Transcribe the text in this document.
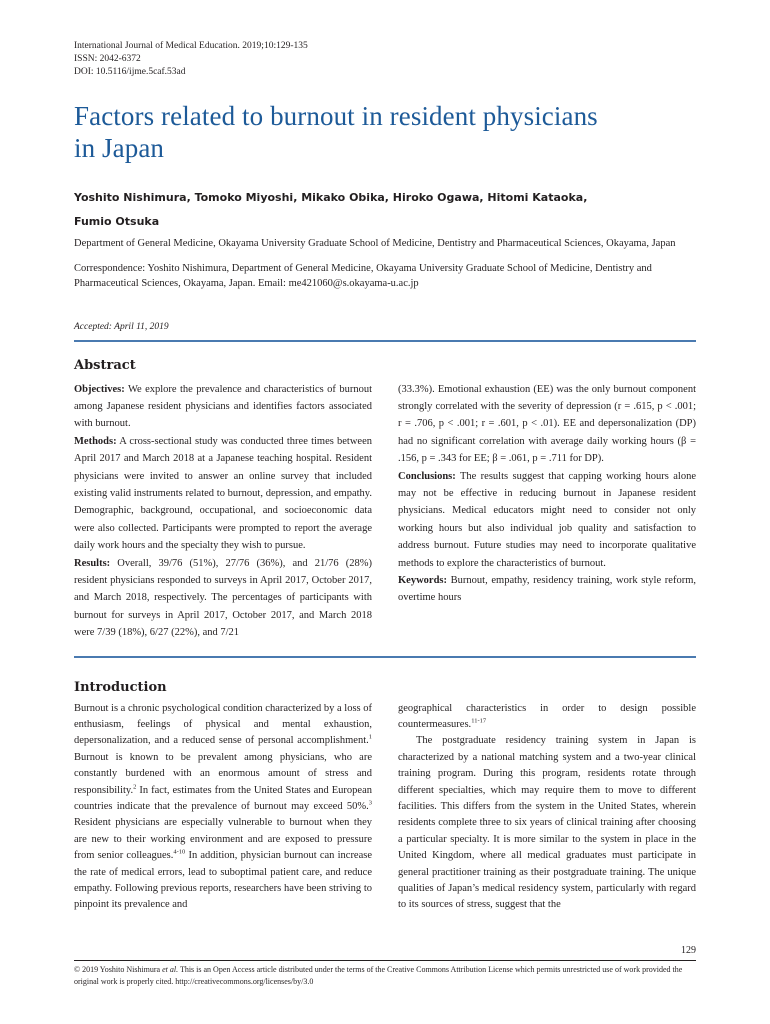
International Journal of Medical Education. 2019;10:129-135

ISSN: 2042-6372

DOI: 10.5116/ijme.5caf.53ad

Factors related to burnout in resident physicians
in Japan

Yoshito Nishimura, Tomoko Miyoshi, Mikako Obika, Hiroko Ogawa, Hitomi Kataoka,
Fumio Otsuka

Department of General Medicine, Okayama University Graduate School of Medicine, Dentistry and Pharmaceutical Sciences, Okayama, Japan

Correspondence: Yoshito Nishimura, Department of General Medicine, Okayama University Graduate School of Medicine, Dentistry and Pharmaceutical Sciences, Okayama, Japan. Email: me421060@s.okayama-u.ac.jp

Accepted: April 11, 2019

Abstract

Objectives: We explore the prevalence and characteristics of burnout among Japanese resident physicians and identifies factors associated with burnout.

Methods: A cross-sectional study was conducted three times between April 2017 and March 2018 at a Japanese teaching hospital. Resident physicians were invited to answer an online survey that included existing valid instruments related to burnout, depression, and empathy. Demographic, background, occupational, and socioeconomic data were also collected. Participants were prompted to report the average daily work hours and the specialty they wish to pursue.

Results: Overall, 39/76 (51%), 27/76 (36%), and 21/76 (28%) resident physicians responded to surveys in April 2017, October 2017, and March 2018, respectively. The percentages of participants with burnout for surveys in April 2017, October 2017, and March 2018 were 7/39 (18%), 6/27 (22%), and 7/21

(33.3%). Emotional exhaustion (EE) was the only burnout component strongly correlated with the severity of depression (r = .615, p < .001; r = .706, p < .001; r = .601, p < .01). EE and depersonalization (DP) had no significant correlation with average daily working hours (β = .156, p = .343 for EE; β = .061, p = .711 for DP).

Conclusions: The results suggest that capping working hours alone may not be effective in reducing burnout in Japanese resident physicians. Medical educators might need to consider not only working hours but also individual job quality and satisfaction to address burnout. Future studies may need to incorporate qualitative methods to explore the characteristics of burnout.

Keywords: Burnout, empathy, residency training, work style reform, overtime hours

Introduction

Burnout is a chronic psychological condition characterized by a loss of enthusiasm, feelings of physical and mental exhaustion, depersonalization, and a reduced sense of personal accomplishment.$^1$ Burnout is known to be prevalent among physicians, who are constantly burdened with an enormous amount of stress and responsibility.$^2$ In fact, estimates from the United States and European countries indicate that the prevalence of burnout may exceed 50%.$^3$ Resident physicians are especially vulnerable to burnout when they are new to their working environment and are exposed to pressure from senior colleagues.$^{4-10}$ In addition, physician burnout can increase the rate of medical errors, lead to suboptimal patient care, and reduce empathy. Following previous reports, researchers have been striving to pinpoint its prevalence and

geographical characteristics in order to design possible countermeasures.$^{11-17}$

The postgraduate residency training system in Japan is characterized by a national matching system and a two-year clinical training program. During this program, residents rotate through different specialties, which may require them to move to different facilities. This differs from the system in the United States, wherein residents complete three to six years of clinical training after choosing a particular specialty. It is more similar to the system in place in the United Kingdom, where all medical graduates must participate in general practitioner training as their postgraduate training. The unique qualities of Japan’s medical residency system, particularly with regard to its sources of stress, suggest that the

129

© 2019 Yoshito Nishimura et al. This is an Open Access article distributed under the terms of the Creative Commons Attribution License which permits unrestricted use of work provided the original work is properly cited. http://creativecommons.org/licenses/by/3.0
